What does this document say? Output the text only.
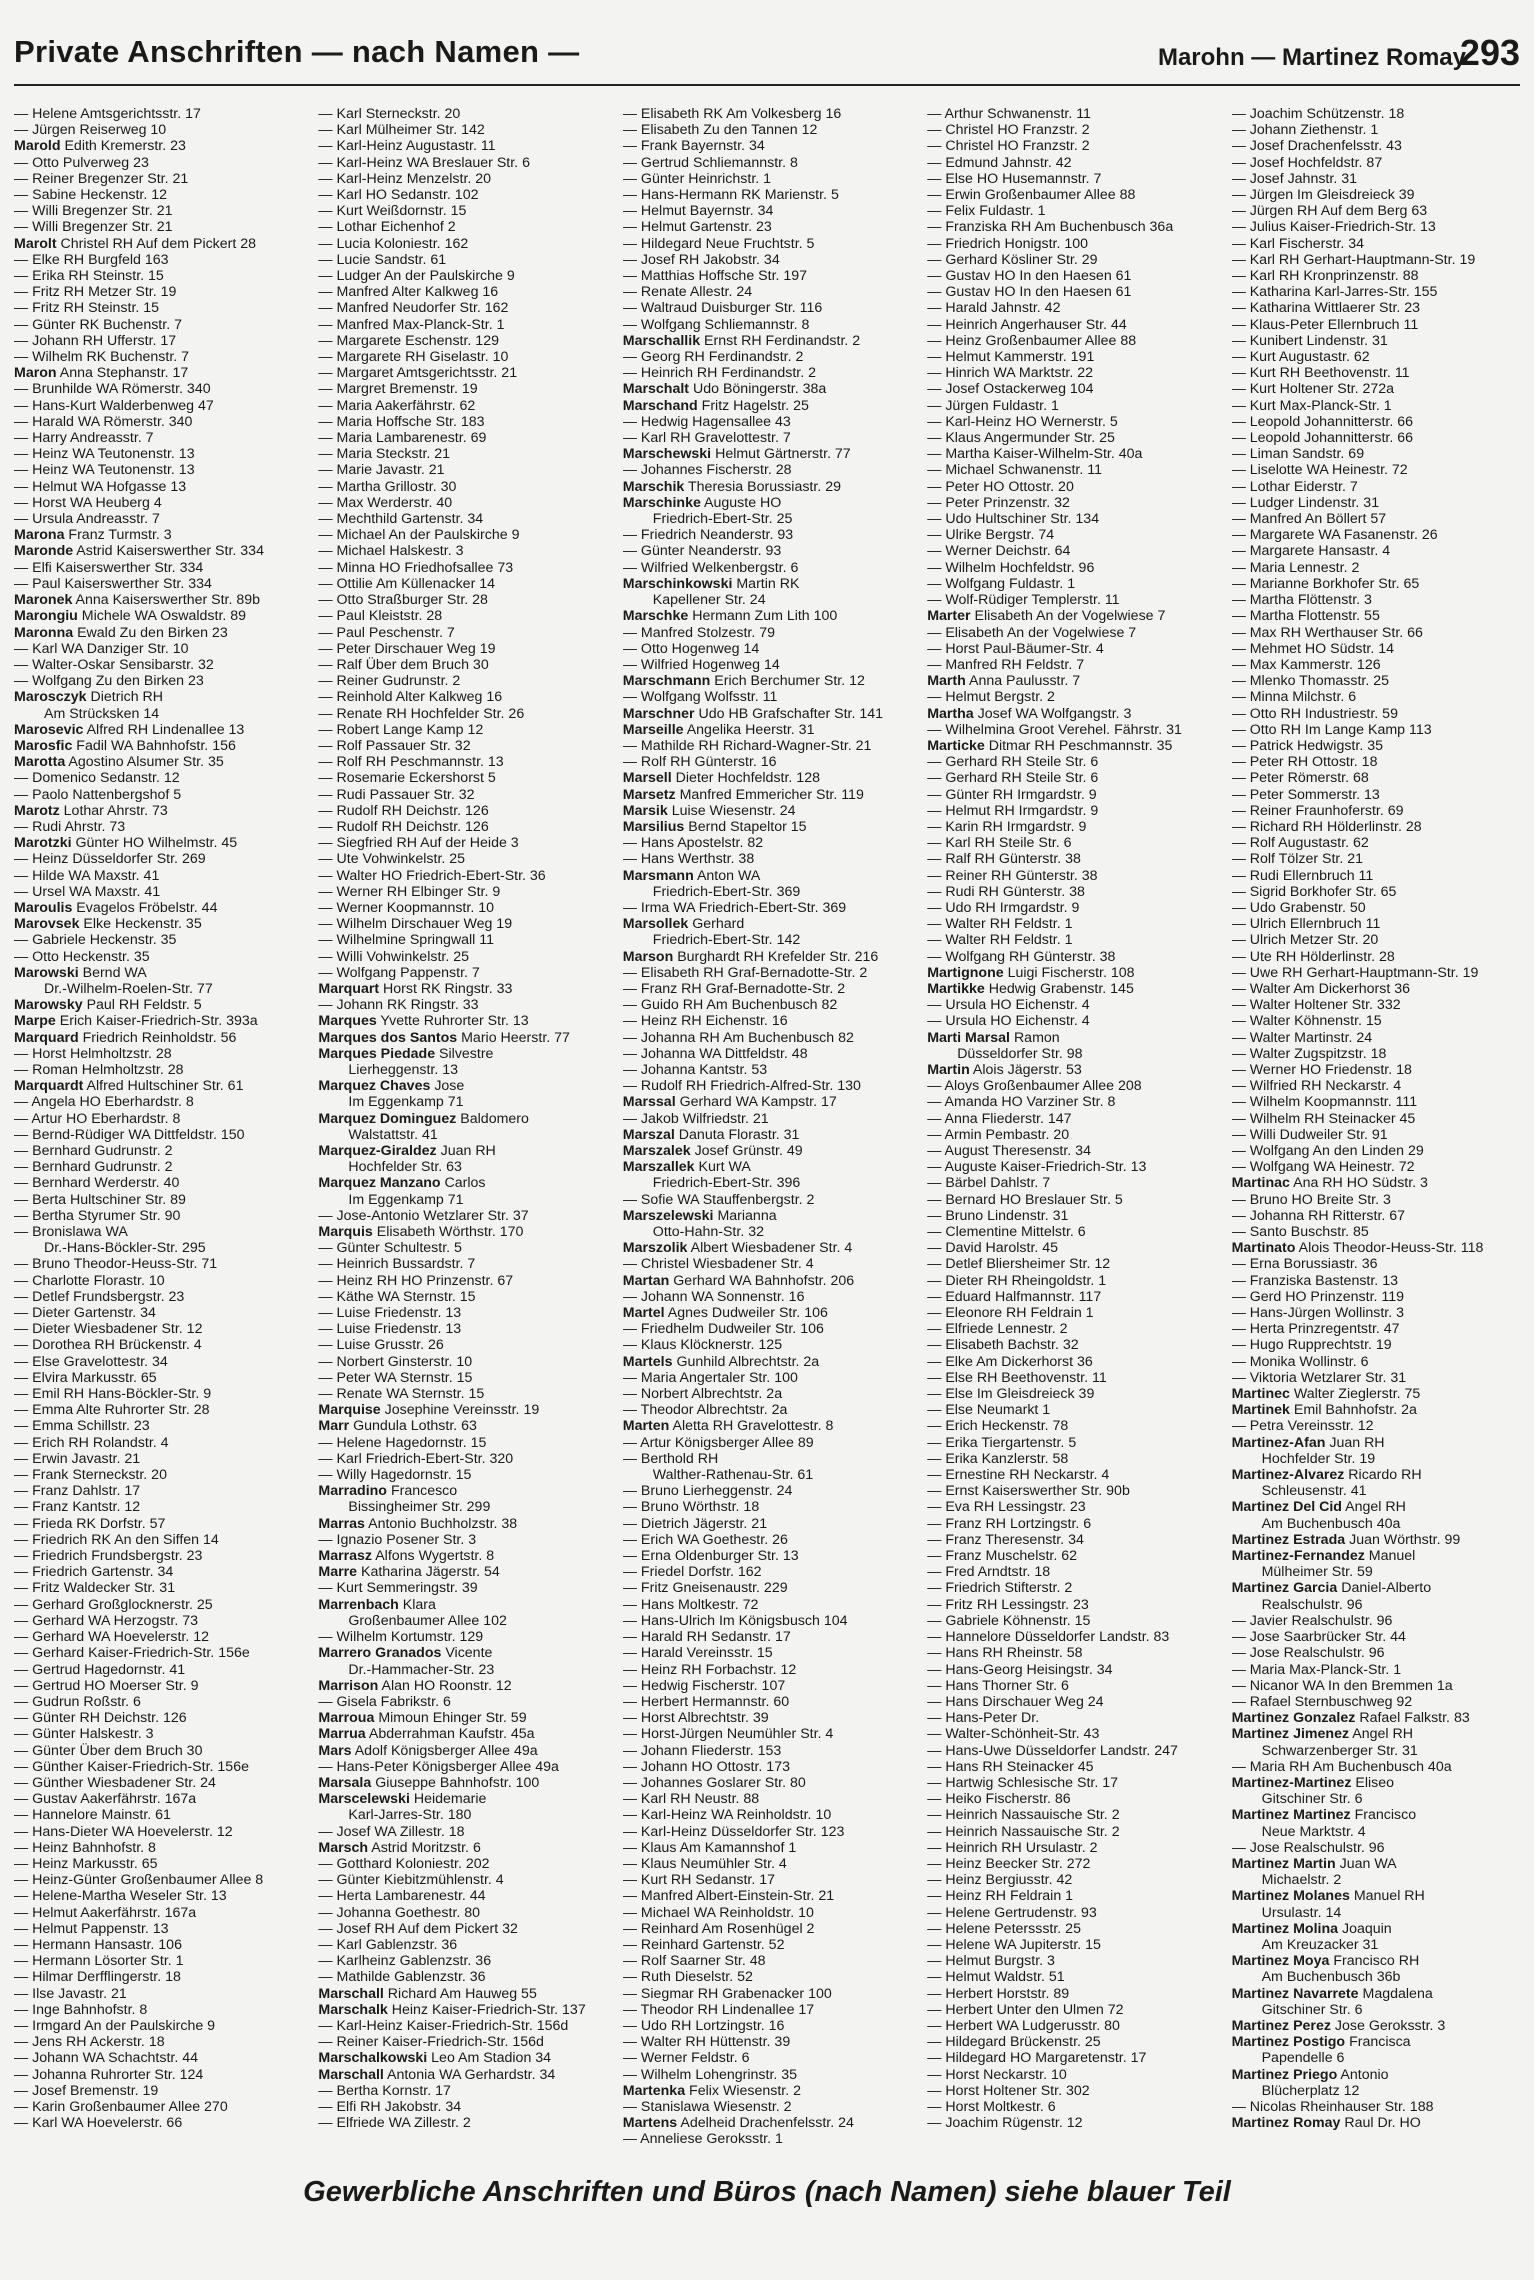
Private Anschriften — nach Namen —	Marohn — Martinez Romay
293
— Helene Amtsgerichtsstr. 17
— Jürgen Reiserweg 10
Marold Edith Kremerstr. 23
— Otto Pulverweg 23
— Reiner Bregenzer Str. 21
— Sabine Heckenstr. 12
— Willi Bregenzer Str. 21
— Willi Bregenzer Str. 21
Marolt Christel RH Auf dem Pickert 28
— Elke RH Burgfeld 163
— Erika RH Steinstr. 15
— Fritz RH Metzer Str. 19
— Fritz RH Steinstr. 15
— Günter RK Buchenstr. 7
— Johann RH Ufferstr. 17
— Wilhelm RK Buchenstr. 7
Maron Anna Stephanstr. 17
— Brunhilde WA Römerstr. 340
— Hans-Kurt Walderbenweg 47
— Harald WA Römerstr. 340
— Harry Andreasstr. 7
— Heinz WA Teutonenstr. 13
— Heinz WA Teutonenstr. 13
— Helmut WA Hofgasse 13
— Horst WA Heuberg 4
— Ursula Andreasstr. 7
Marona Franz Turmstr. 3
Maronde Astrid Kaiserswerther Str. 334
— Elfi Kaiserswerther Str. 334
— Paul Kaiserswerther Str. 334
Maronek Anna Kaiserswerther Str. 89b
Marongiu Michele WA Oswaldstr. 89
Maronna Ewald Zu den Birken 23
— Karl WA Danziger Str. 10
— Walter-Oskar Sensibarstr. 32
— Wolfgang Zu den Birken 23
Marosczyk Dietrich RH
Am Strücksken 14
Marosevic Alfred RH Lindenallee 13
Marosfic Fadil WA Bahnhofstr. 156
Marotta Agostino Alsumer Str. 35
— Domenico Sedanstr. 12
— Paolo Nattenbergshof 5
Marotz Lothar Ahrstr. 73
— Rudi Ahrstr. 73
Marotzki Günter HO Wilhelmstr. 45
— Heinz Düsseldorfer Str. 269
— Hilde WA Maxstr. 41
— Ursel WA Maxstr. 41
Maroulis Evagelos Fröbelstr. 44
Marovsek Elke Heckenstr. 35
— Gabriele Heckenstr. 35
— Otto Heckenstr. 35
Marowski Bernd WA
Dr.-Wilhelm-Roelen-Str. 77
Marowsky Paul RH Feldstr. 5
Marpe Erich Kaiser-Friedrich-Str. 393a
Marquard Friedrich Reinholdstr. 56
— Horst Helmholtzstr. 28
— Roman Helmholtzstr. 28
Marquardt Alfred Hultschiner Str. 61
— Angela HO Eberhardstr. 8
— Artur HO Eberhardstr. 8
— Bernd-Rüdiger WA Dittfeldstr. 150
— Bernhard Gudrunstr. 2
— Bernhard Gudrunstr. 2
— Bernhard Werderstr. 40
— Berta Hultschiner Str. 89
— Bertha Styrumer Str. 90
— Bronislawa WA
Dr.-Hans-Böckler-Str. 295
— Bruno Theodor-Heuss-Str. 71
— Charlotte Florastr. 10
— Detlef Frundsbergstr. 23
— Dieter Gartenstr. 34
— Dieter Wiesbadener Str. 12
— Dorothea RH Brückenstr. 4
— Else Gravelottestr. 34
— Elvira Markusstr. 65
— Emil RH Hans-Böckler-Str. 9
— Emma Alte Ruhrorter Str. 28
— Emma Schillstr. 23
— Erich RH Rolandstr. 4
— Erwin Javastr. 21
— Frank Sterneckstr. 20
— Franz Dahlstr. 17
— Franz Kantstr. 12
— Frieda RK Dorfstr. 57
— Friedrich RK An den Siffen 14
— Friedrich Frundsbergstr. 23
— Friedrich Gartenstr. 34
— Fritz Waldecker Str. 31
— Gerhard Großglocknerstr. 25
— Gerhard WA Herzogstr. 73
— Gerhard WA Hoevelerstr. 12
— Gerhard Kaiser-Friedrich-Str. 156e
— Gertrud Hagedornstr. 41
— Gertrud HO Moerser Str. 9
— Gudrun Roßstr. 6
— Günter RH Deichstr. 126
— Günter Halskestr. 3
— Günter Über dem Bruch 30
— Günther Kaiser-Friedrich-Str. 156e
— Günther Wiesbadener Str. 24
— Gustav Aakerfährstr. 167a
— Hannelore Mainstr. 61
— Hans-Dieter WA Hoevelerstr. 12
— Heinz Bahnhofstr. 8
— Heinz Markusstr. 65
— Heinz-Günter Großenbaumer Allee 8
— Helene-Martha Weseler Str. 13
— Helmut Aakerfährstr. 167a
— Helmut Pappenstr. 13
— Hermann Hansastr. 106
— Hermann Lösorter Str. 1
— Hilmar Derfflingerstr. 18
— Ilse Javastr. 21
— Inge Bahnhofstr. 8
— Irmgard An der Paulskirche 9
— Jens RH Ackerstr. 18
— Johann WA Schachtstr. 44
— Johanna Ruhrorter Str. 124
— Josef Bremenstr. 19
— Karin Großenbaumer Allee 270
— Karl WA Hoevelerstr. 66
— Karl Sterneckstr. 20
— Karl Mülheimer Str. 142
— Karl-Heinz Augustastr. 11
— Karl-Heinz WA Breslauer Str. 6
— Karl-Heinz Menzelstr. 20
— Karl HO Sedanstr. 102
— Kurt Weißdornstr. 15
— Lothar Eichenhof 2
— Lucia Koloniestr. 162
— Lucie Sandstr. 61
— Ludger An der Paulskirche 9
— Manfred Alter Kalkweg 16
— Manfred Neudorfer Str. 162
— Manfred Max-Planck-Str. 1
— Margarete Eschenstr. 129
— Margarete RH Giselastr. 10
— Margaret Amtsgerichtsstr. 21
— Margret Bremenstr. 19
— Maria Aakerfährstr. 62
— Maria Hoffsche Str. 183
— Maria Lambarenestr. 69
— Maria Steckstr. 21
— Marie Javastr. 21
— Martha Grillostr. 30
— Max Werderstr. 40
— Mechthild Gartenstr. 34
— Michael An der Paulskirche 9
— Michael Halskestr. 3
— Minna HO Friedhofsallee 73
— Ottilie Am Küllenacker 14
— Otto Straßburger Str. 28
— Paul Kleiststr. 28
— Paul Peschenstr. 7
— Peter Dirschauer Weg 19
— Ralf Über dem Bruch 30
— Reiner Gudrunstr. 2
— Reinhold Alter Kalkweg 16
— Renate RH Hochfelder Str. 26
— Robert Lange Kamp 12
— Rolf Passauer Str. 32
— Rolf RH Peschmannstr. 13
— Rosemarie Eckershorst 5
— Rudi Passauer Str. 32
— Rudolf RH Deichstr. 126
— Rudolf RH Deichstr. 126
— Siegfried RH Auf der Heide 3
— Ute Vohwinkelstr. 25
— Walter HO Friedrich-Ebert-Str. 36
— Werner RH Elbinger Str. 9
— Werner Koopmannstr. 10
— Wilhelm Dirschauer Weg 19
— Wilhelmine Springwall 11
— Willi Vohwinkelstr. 25
— Wolfgang Pappenstr. 7
Marquart Horst RK Ringstr. 33
— Johann RK Ringstr. 33
Marques Yvette Ruhrorter Str. 13
Marques dos Santos Mario Heerstr. 77
Marques Piedade Silvestre
Lierheggenstr. 13
Marquez Chaves Jose
Im Eggenkamp 71
Marquez Dominguez Baldomero
Walstattstr. 41
Marquez-Giraldez Juan RH
Hochfelder Str. 63
Marquez Manzano Carlos
Im Eggenkamp 71
— Jose-Antonio Wetzlarer Str. 37
Marquis Elisabeth Wörthstr. 170
— Günter Schultestr. 5
— Heinrich Bussardstr. 7
— Heinz RH HO Prinzenstr. 67
— Käthe WA Sternstr. 15
— Luise Friedenstr. 13
— Luise Friedenstr. 13
— Luise Grusstr. 26
— Norbert Ginsterstr. 10
— Peter WA Sternstr. 15
— Renate WA Sternstr. 15
Marquise Josephine Vereinsstr. 19
Marr Gundula Lothstr. 63
— Helene Hagedornstr. 15
— Karl Friedrich-Ebert-Str. 320
— Willy Hagedornstr. 15
Marradino Francesco
Bissingheimer Str. 299
Marras Antonio Buchholzstr. 38
— Ignazio Posener Str. 3
Marrasz Alfons Wygertstr. 8
Marre Katharina Jägerstr. 54
— Kurt Semmeringstr. 39
Marrenbach Klara
Großenbaumer Allee 102
— Wilhelm Kortumstr. 129
Marrero Granados Vicente
Dr.-Hammacher-Str. 23
Marrison Alan HO Roonstr. 12
— Gisela Fabrikstr. 6
Marroua Mimoun Ehinger Str. 59
Marrua Abderrahman Kaufstr. 45a
Mars Adolf Königsberger Allee 49a
— Hans-Peter Königsberger Allee 49a
Marsala Giuseppe Bahnhofstr. 100
Marscelewski Heidemarie
Karl-Jarres-Str. 180
— Josef WA Zillestr. 18
Marsch Astrid Moritzstr. 6
— Gotthard Koloniestr. 202
— Günter Kiebitzmühlenstr. 4
— Herta Lambarenestr. 44
— Johanna Goethestr. 80
— Josef RH Auf dem Pickert 32
— Karl Gablenzstr. 36
— Karlheinz Gablenzstr. 36
— Mathilde Gablenzstr. 36
Marschall Richard Am Hauweg 55
Marschalk Heinz Kaiser-Friedrich-Str. 137
— Karl-Heinz Kaiser-Friedrich-Str. 156d
— Reiner Kaiser-Friedrich-Str. 156d
Marschalkowski Leo Am Stadion 34
Marschall Antonia WA Gerhardstr. 34
— Bertha Kornstr. 17
— Elfi RH Jakobstr. 34
— Elfriede WA Zillestr. 2
— Elisabeth RK Am Volkesberg 16
— Elisabeth Zu den Tannen 12
— Frank Bayernstr. 34
— Gertrud Schliemannstr. 8
— Günter Heinrichstr. 1
— Hans-Hermann RK Marienstr. 5
— Helmut Bayernstr. 34
— Helmut Gartenstr. 23
— Hildegard Neue Fruchtstr. 5
— Josef RH Jakobstr. 34
— Matthias Hoffsche Str. 197
— Renate Allestr. 24
— Waltraud Duisburger Str. 116
— Wolfgang Schliemannstr. 8
Marschallik Ernst RH Ferdinandstr. 2
— Georg RH Ferdinandstr. 2
— Heinrich RH Ferdinandstr. 2
Marschalt Udo Böningerstr. 38a
Marschand Fritz Hagelstr. 25
— Hedwig Hagensallee 43
— Karl RH Gravelottestr. 7
Marschewski Helmut Gärtnerstr. 77
— Johannes Fischerstr. 28
Marschik Theresia Borussiastr. 29
Marschinke Auguste HO
Friedrich-Ebert-Str. 25
— Friedrich Neanderstr. 93
— Günter Neanderstr. 93
— Wilfried Welkenbergstr. 6
Marschinkowski Martin RK
Kapellener Str. 24
Marschke Hermann Zum Lith 100
— Manfred Stolzestr. 79
— Otto Hogenweg 14
— Wilfried Hogenweg 14
Marschmann Erich Berchumer Str. 12
— Wolfgang Wolfsstr. 11
Marschner Udo HB Grafschafter Str. 141
Marseille Angelika Heerstr. 31
— Mathilde RH Richard-Wagner-Str. 21
— Rolf RH Günterstr. 16
Marsell Dieter Hochfeldstr. 128
Marsetz Manfred Emmericher Str. 119
Marsik Luise Wiesenstr. 24
Marsilius Bernd Stapeltor 15
— Hans Apostelstr. 82
— Hans Werthstr. 38
Marsmann Anton WA
Friedrich-Ebert-Str. 369
— Irma WA Friedrich-Ebert-Str. 369
Marsollek Gerhard
Friedrich-Ebert-Str. 142
Marson Burghardt RH Krefelder Str. 216
— Elisabeth RH Graf-Bernadotte-Str. 2
— Franz RH Graf-Bernadotte-Str. 2
— Guido RH Am Buchenbusch 82
— Heinz RH Eichenstr. 16
— Johanna RH Am Buchenbusch 82
— Johanna WA Dittfeldstr. 48
— Johanna Kantstr. 53
— Rudolf RH Friedrich-Alfred-Str. 130
Marssal Gerhard WA Kampstr. 17
— Jakob Wilfriedstr. 21
Marszal Danuta Florastr. 31
Marszalek Josef Grünstr. 49
Marszallek Kurt WA
Friedrich-Ebert-Str. 396
— Sofie WA Stauffenbergstr. 2
Marszelewski Marianna
Otto-Hahn-Str. 32
Marszolik Albert Wiesbadener Str. 4
— Christel Wiesbadener Str. 4
Martan Gerhard WA Bahnhofstr. 206
— Johann WA Sonnenstr. 16
Martel Agnes Dudweiler Str. 106
— Friedhelm Dudweiler Str. 106
— Klaus Klöcknerstr. 125
Martels Gunhild Albrechtstr. 2a
— Maria Angertaler Str. 100
— Norbert Albrechtstr. 2a
— Theodor Albrechtstr. 2a
Marten Aletta RH Gravelottestr. 8
— Artur Königsberger Allee 89
— Berthold RH
Walther-Rathenau-Str. 61
— Bruno Lierheggenstr. 24
— Bruno Wörthstr. 18
— Dietrich Jägerstr. 21
— Erich WA Goethestr. 26
— Erna Oldenburger Str. 13
— Friedel Dorfstr. 162
— Fritz Gneisenaustr. 229
— Hans Moltkestr. 72
— Hans-Ulrich Im Königsbusch 104
— Harald RH Sedanstr. 17
— Harald Vereinsstr. 15
— Heinz RH Forbachstr. 12
— Hedwig Fischerstr. 107
— Herbert Hermannstr. 60
— Horst Albrechtstr. 39
— Horst-Jürgen Neumühler Str. 4
— Johann Fliederstr. 153
— Johann HO Ottostr. 173
— Johannes Goslarer Str. 80
— Karl RH Neustr. 88
— Karl-Heinz WA Reinholdstr. 10
— Karl-Heinz Düsseldorfer Str. 123
— Klaus Am Kamannshof 1
— Klaus Neumühler Str. 4
— Kurt RH Sedanstr. 17
— Manfred Albert-Einstein-Str. 21
— Michael WA Reinholdstr. 10
— Reinhard Am Rosenhügel 2
— Reinhard Gartenstr. 52
— Rolf Saarner Str. 48
— Ruth Dieselstr. 52
— Siegmar RH Grabenacker 100
— Theodor RH Lindenallee 17
— Udo RH Lortzingstr. 16
— Walter RH Hüttenstr. 39
— Werner Feldstr. 6
— Wilhelm Lohengrinstr. 35
Martenka Felix Wiesenstr. 2
— Stanislawa Wiesenstr. 2
Martens Adelheid Drachenfelsstr. 24
— Anneliese Geroksstr. 1
— Arthur Schwanenstr. 11
— Christel HO Franzstr. 2
— Christel HO Franzstr. 2
— Edmund Jahnstr. 42
— Else HO Husemannstr. 7
— Erwin Großenbaumer Allee 88
— Felix Fuldastr. 1
— Franziska RH Am Buchenbusch 36a
— Friedrich Honigstr. 100
— Gerhard Kösliner Str. 29
— Gustav HO In den Haesen 61
— Gustav HO In den Haesen 61
— Harald Jahnstr. 42
— Heinrich Angerhauser Str. 44
— Heinz Großenbaumer Allee 88
— Helmut Kammerstr. 191
— Hinrich WA Marktstr. 22
— Josef Ostackerweg 104
— Jürgen Fuldastr. 1
— Karl-Heinz HO Wernerstr. 5
— Klaus Angermunder Str. 25
— Martha Kaiser-Wilhelm-Str. 40a
— Michael Schwanenstr. 11
— Peter HO Ottostr. 20
— Peter Prinzenstr. 32
— Udo Hultschiner Str. 134
— Ulrike Bergstr. 74
— Werner Deichstr. 64
— Wilhelm Hochfeldstr. 96
— Wolfgang Fuldastr. 1
— Wolf-Rüdiger Templerstr. 11
Marter Elisabeth An der Vogelwiese 7
— Elisabeth An der Vogelwiese 7
— Horst Paul-Bäumer-Str. 4
— Manfred RH Feldstr. 7
Marth Anna Paulusstr. 7
— Helmut Bergstr. 2
Martha Josef WA Wolfgangstr. 3
— Wilhelmina Groot Verehel. Fährstr. 31
Martickе Ditmar RH Peschmannstr. 35
— Gerhard RH Steile Str. 6
— Gerhard RH Steile Str. 6
— Günter RH Irmgardstr. 9
— Helmut RH Irmgardstr. 9
— Karin RH Irmgardstr. 9
— Karl RH Steile Str. 6
— Ralf RH Günterstr. 38
— Reiner RH Günterstr. 38
— Rudi RH Günterstr. 38
— Udo RH Irmgardstr. 9
— Walter RH Feldstr. 1
— Walter RH Feldstr. 1
— Wolfgang RH Günterstr. 38
Martignone Luigi Fischerstr. 108
Martikke Hedwig Grabenstr. 145
— Ursula HO Eichenstr. 4
— Ursula HO Eichenstr. 4
Marti Marsal Ramon
Düsseldorfer Str. 98
Martin Alois Jägerstr. 53
— Aloys Großenbaumer Allee 208
— Amanda HO Varziner Str. 8
— Anna Fliederstr. 147
— Armin Pembastr. 20
— August Theresenstr. 34
— Auguste Kaiser-Friedrich-Str. 13
— Bärbel Dahlstr. 7
— Bernard HO Breslauer Str. 5
— Bruno Lindenstr. 31
— Clementine Mittelstr. 6
— David Harolstr. 45
— Detlef Bliersheimer Str. 12
— Dieter RH Rheingoldstr. 1
— Eduard Halfmannstr. 117
— Eleonore RH Feldrain 1
— Elfriede Lennestr. 2
— Elisabeth Bachstr. 32
— Elke Am Dickerhorst 36
— Else RH Beethovenstr. 11
— Else Im Gleisdreieck 39
— Else Neumarkt 1
— Erich Heckenstr. 78
— Erika Tiergartenstr. 5
— Erika Kanzlerstr. 58
— Ernestine RH Neckarstr. 4
— Ernst Kaiserswerther Str. 90b
— Eva RH Lessingstr. 23
— Franz RH Lortzingstr. 6
— Franz Theresenstr. 34
— Franz Muschelstr. 62
— Fred Arndtstr. 18
— Friedrich Stifterstr. 2
— Fritz RH Lessingstr. 23
— Gabriele Köhnenstr. 15
— Hannelore Düsseldorfer Landstr. 83
— Hans RH Rheinstr. 58
— Hans-Georg Heisingstr. 34
— Hans Thorner Str. 6
— Hans Dirschauer Weg 24
— Hans-Peter Dr.
— Walter-Schönheit-Str. 43
— Hans-Uwe Düsseldorfer Landstr. 247
— Hans RH Steinacker 45
— Hartwig Schlesische Str. 17
— Heiko Fischerstr. 86
— Heinrich Nassauische Str. 2
— Heinrich Nassauische Str. 2
— Heinrich RH Ursulastr. 2
— Heinz Beecker Str. 272
— Heinz Bergiusstr. 42
— Heinz RH Feldrain 1
— Helene Gertrudenstr. 93
— Helene Peterssstr. 25
— Helene WA Jupiterstr. 15
— Helmut Burgstr. 3
— Helmut Waldstr. 51
— Herbert Horststr. 89
— Herbert Unter den Ulmen 72
— Herbert WA Ludgerusstr. 80
— Hildegard Brückenstr. 25
— Hildegard HO Margaretenstr. 17
— Horst Neckarstr. 10
— Horst Holtener Str. 302
— Horst Moltkestr. 6
— Joachim Rügenstr. 12
— Joachim Schützenstr. 18
— Johann Ziethenstr. 1
— Josef Drachenfelsstr. 43
— Josef Hochfeldstr. 87
— Josef Jahnstr. 31
— Jürgen Im Gleisdreieck 39
— Jürgen RH Auf dem Berg 63
— Julius Kaiser-Friedrich-Str. 13
— Karl Fischerstr. 34
— Karl RH Gerhart-Hauptmann-Str. 19
— Karl RH Kronprinzenstr. 88
— Katharina Karl-Jarres-Str. 155
— Katharina Wittlaerer Str. 23
— Klaus-Peter Ellernbruch 11
— Kunibert Lindenstr. 31
— Kurt Augustastr. 62
— Kurt RH Beethovenstr. 11
— Kurt Holtener Str. 272a
— Kurt Max-Planck-Str. 1
— Leopold Johannitterstr. 66
— Leopold Johannitterstr. 66
— Liman Sandstr. 69
— Liselotte WA Heinestr. 72
— Lothar Eiderstr. 7
— Ludger Lindenstr. 31
— Manfred An Böllert 57
— Margarete WA Fasanenstr. 26
— Margarete Hansastr. 4
— Maria Lennestr. 2
— Marianne Borkhofer Str. 65
— Martha Flöttenstr. 3
— Martha Flottenstr. 55
— Max RH Werthauser Str. 66
— Mehmet HO Südstr. 14
— Max Kammerstr. 126
— Mlenko Thomasstr. 25
— Minna Milchstr. 6
— Otto RH Industriestr. 59
— Otto RH Im Lange Kamp 113
— Patrick Hedwigstr. 35
— Peter RH Ottostr. 18
— Peter Römerstr. 68
— Peter Sommerstr. 13
— Reiner Fraunhoferstr. 69
— Richard RH Hölderlinstr. 28
— Rolf Augustastr. 62
— Rolf Tölzer Str. 21
— Rudi Ellernbruch 11
— Sigrid Borkhofer Str. 65
— Udo Grabenstr. 50
— Ulrich Ellernbruch 11
— Ulrich Metzer Str. 20
— Ute RH Hölderlinstr. 28
— Uwe RH Gerhart-Hauptmann-Str. 19
— Walter Am Dickerhorst 36
— Walter Holtener Str. 332
— Walter Köhnenstr. 15
— Walter Martinstr. 24
— Walter Zugspitzstr. 18
— Werner HO Friedenstr. 18
— Wilfried RH Neckarstr. 4
— Wilhelm Koopmannstr. 111
— Wilhelm RH Steinacker 45
— Willi Dudweiler Str. 91
— Wolfgang An den Linden 29
— Wolfgang WA Heinestr. 72
Martinac Ana RH HO Südstr. 3
— Bruno HO Breite Str. 3
— Johanna RH Ritterstr. 67
— Santo Buschstr. 85
Martinato Alois Theodor-Heuss-Str. 118
— Erna Borussiastr. 36
— Franziska Bastenstr. 13
— Gerd HO Prinzenstr. 119
— Hans-Jürgen Wollinstr. 3
— Herta Prinzregentstr. 47
— Hugo Rupprechtstr. 19
— Monika Wollinstr. 6
— Viktoria Wetzlarer Str. 31
Martinec Walter Zieglerstr. 75
Martinek Emil Bahnhofstr. 2a
— Petra Vereinsstr. 12
Martinez-Afan Juan RH
Hochfelder Str. 19
Martinez-Alvarez Ricardo RH
Schleusenstr. 41
Martinez Del Cid Angel RH
Am Buchenbusch 40a
Martinez Estrada Juan Wörthstr. 99
Martinez-Fernandez Manuel
Mülheimer Str. 59
Martinez Garcia Daniel-Alberto
Realschulstr. 96
— Javier Realschulstr. 96
— Jose Saarbrücker Str. 44
— Jose Realschulstr. 96
— Maria Max-Planck-Str. 1
— Nicanor WA In den Bremmen 1a
— Rafael Sternbuschweg 92
Martinez Gonzalez Rafael Falkstr. 83
Martinez Jimenez Angel RH
Schwarzenberger Str. 31
— Maria RH Am Buchenbusch 40a
Martinez-Martinez Eliseo
Gitschiner Str. 6
Martinez Martinez Francisco
Neue Marktstr. 4
— Jose Realschulstr. 96
Martinez Martin Juan WA
Michaelstr. 2
Martinez Molanes Manuel RH
Ursulastr. 14
Martinez Molina Joaquin
Am Kreuzacker 31
Martinez Moya Francisco RH
Am Buchenbusch 36b
Martinez Navarrete Magdalena
Gitschiner Str. 6
Martinez Perez Jose Geroksstr. 3
Martinez Postigo Francisca
Papendelle 6
Martinez Priego Antonio
Blücherplatz 12
— Nicolas Rheinhauser Str. 188
Martinez Romay Raul Dr. HO
Gewerbliche Anschriften und Büros (nach Namen) siehe blauer Teil
